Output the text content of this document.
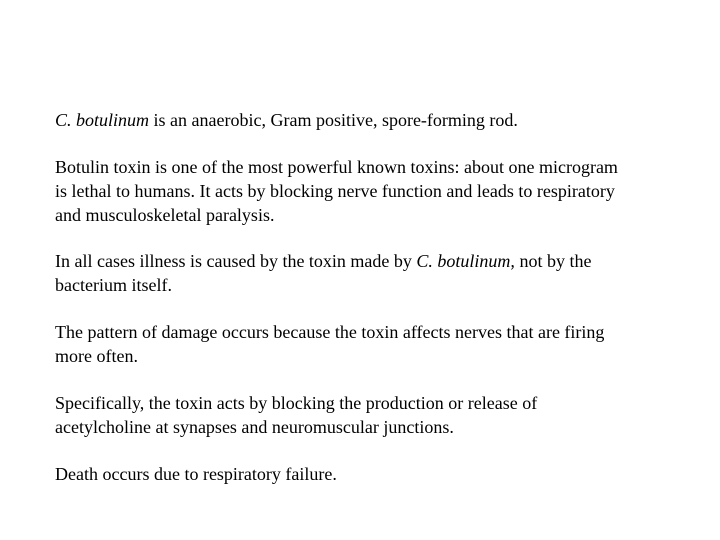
C. botulinum is an anaerobic, Gram positive, spore-forming rod.

Botulin toxin is one of the most powerful known toxins: about one microgram
is lethal to humans. It acts by blocking nerve function and leads to respiratory
and musculoskeletal paralysis.

In all cases illness is caused by the toxin made by C. botulinum, not by the
bacterium itself.

The pattern of damage occurs because the toxin affects nerves that are firing
more often.

Specifically, the toxin acts by blocking the production or release of
acetylcholine at synapses and neuromuscular junctions.

Death occurs due to respiratory failure.
